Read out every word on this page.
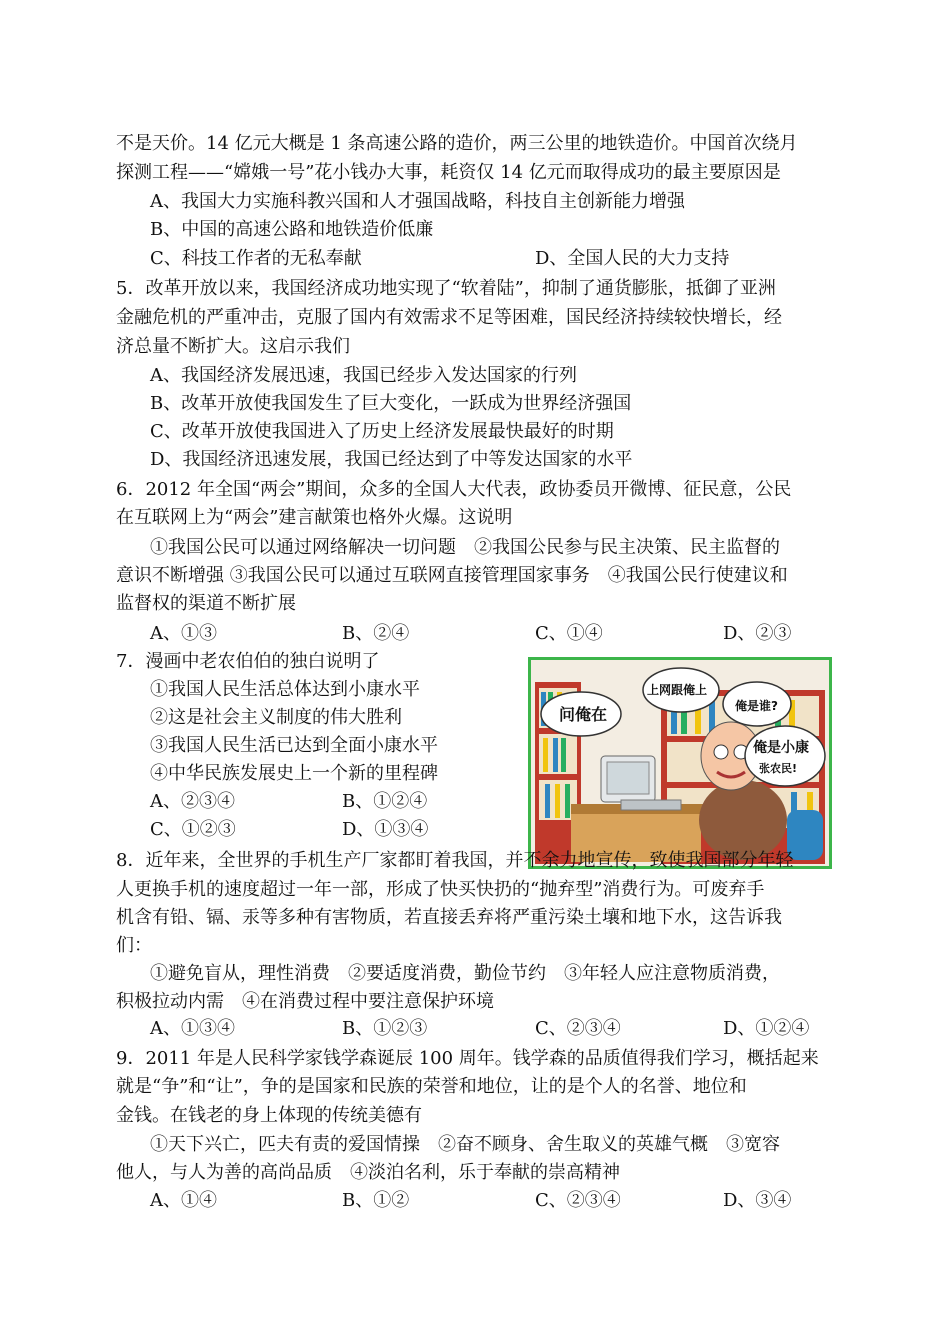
不是天价。14 亿元大概是 1 条高速公路的造价，两三公里的地铁造价。中国首次绕月
探测工程——“嫦娥一号”花小钱办大事，耗资仅 14 亿元而取得成功的最主要原因是
A、我国大力实施科教兴国和人才强国战略，科技自主创新能力增强
B、中国的高速公路和地铁造价低廉
C、科技工作者的无私奉献	D、全国人民的大力支持
5．改革开放以来，我国经济成功地实现了“软着陆”，抑制了通货膨胀，抵御了亚洲
金融危机的严重冲击，克服了国内有效需求不足等困难，国民经济持续较快增长，经
济总量不断扩大。这启示我们
A、我国经济发展迅速，我国已经步入发达国家的行列
B、改革开放使我国发生了巨大变化，一跃成为世界经济强国
C、改革开放使我国进入了历史上经济发展最快最好的时期
D、我国经济迅速发展，我国已经达到了中等发达国家的水平
6．2012 年全国“两会”期间，众多的全国人大代表，政协委员开微博、征民意，公民
在互联网上为“两会”建言献策也格外火爆。这说明
①我国公民可以通过网络解决一切问题　②我国公民参与民主决策、民主监督的
意识不断增强 ③我国公民可以通过互联网直接管理国家事务　④我国公民行使建议和
监督权的渠道不断扩展
A、①③	B、②④	C、①④	D、②③
7．漫画中老农伯伯的独白说明了
①我国人民生活总体达到小康水平
②这是社会主义制度的伟大胜利
③我国人民生活已达到全面小康水平
④中华民族发展史上一个新的里程碑
A、②③④	B、①②④
C、①②③	D、①③④
问俺在
上网跟俺上
俺是谁?
俺是小康
张农民!
8．近年来，全世界的手机生产厂家都盯着我国，并不余力地宣传，致使我国部分年轻
人更换手机的速度超过一年一部，形成了快买快扔的“抛弃型”消费行为。可废弃手
机含有铅、镉、汞等多种有害物质，若直接丢弃将严重污染土壤和地下水，这告诉我
们：
①避免盲从，理性消费　②要适度消费，勤俭节约　③年轻人应注意物质消费，
积极拉动内需　④在消费过程中要注意保护环境
A、①③④	B、①②③	C、②③④	D、①②④
9．2011 年是人民科学家钱学森诞辰 100 周年。钱学森的品质值得我们学习，概括起来
就是“争”和“让”，争的是国家和民族的荣誉和地位，让的是个人的名誉、地位和
金钱。在钱老的身上体现的传统美德有
①天下兴亡，匹夫有责的爱国情操　②奋不顾身、舍生取义的英雄气概　③宽容
他人，与人为善的高尚品质　④淡泊名利，乐于奉献的崇高精神
A、①④	B、①②	C、②③④	D、③④
